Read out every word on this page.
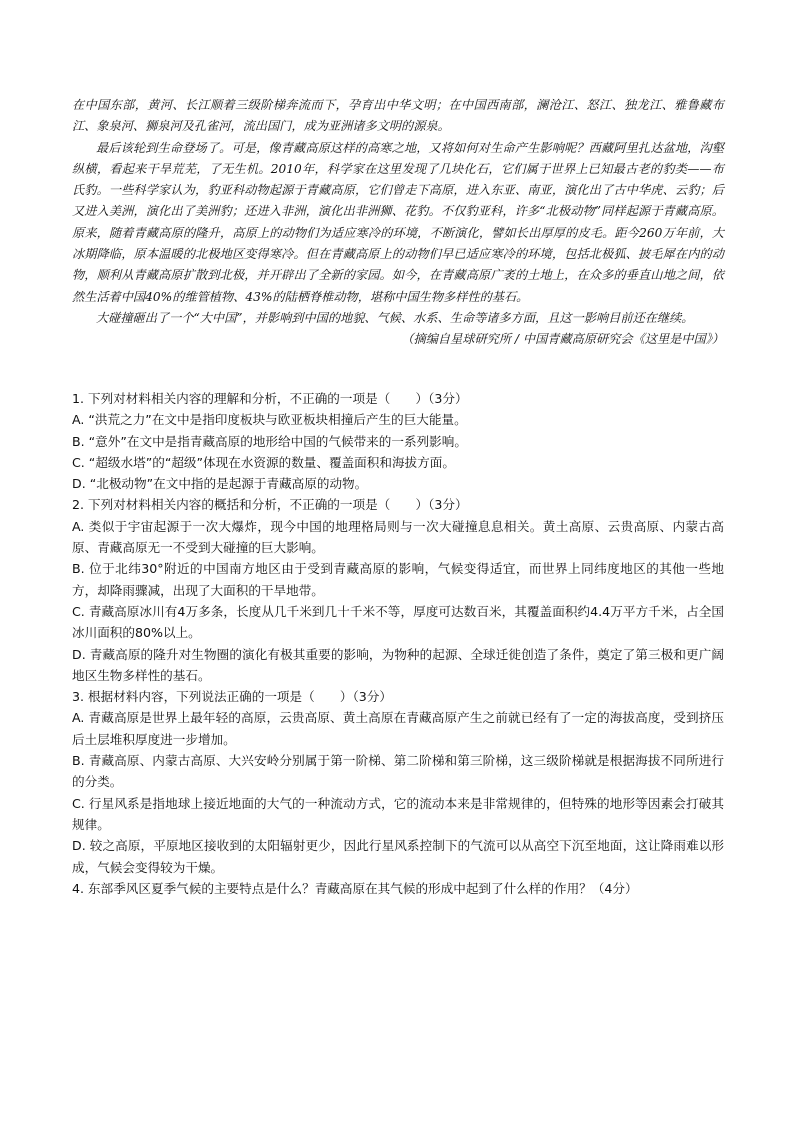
在中国东部，黄河、长江顺着三级阶梯奔流而下，孕育出中华文明；在中国西南部，澜沧江、怒江、独龙江、雅鲁藏布江、象泉河、狮泉河及孔雀河，流出国门，成为亚洲诸多文明的源泉。

最后该轮到生命登场了。可是，像青藏高原这样的高寒之地，又将如何对生命产生影响呢？西藏阿里扎达盆地，沟壑纵横，看起来干旱荒芜，了无生机。2010年，科学家在这里发现了几块化石，它们属于世界上已知最古老的豹类——布氏豹。一些科学家认为，豹亚科动物起源于青藏高原，它们曾走下高原，进入东亚、南亚，演化出了古中华虎、云豹；后又进入美洲，演化出了美洲豹；还进入非洲，演化出非洲狮、花豹。不仅豹亚科，许多“北极动物”同样起源于青藏高原。原来，随着青藏高原的隆升，高原上的动物们为适应寒冷的环境，不断演化，譬如长出厚厚的皮毛。距今260万年前，大冰期降临，原本温暖的北极地区变得寒冷。但在青藏高原上的动物们早已适应寒冷的环境，包括北极狐、披毛犀在内的动物，顺利从青藏高原扩散到北极，并开辟出了全新的家园。如今，在青藏高原广袤的土地上，在众多的垂直山地之间，依然生活着中国40%的维管植物、43%的陆栖脊椎动物，堪称中国生物多样性的基石。

大碰撞砸出了一个“大中国”，并影响到中国的地貌、气候、水系、生命等诸多方面，且这一影响目前还在继续。

（摘编自星球研究所 / 中国青藏高原研究会《这里是中国》）

1. 下列对材料相关内容的理解和分析，不正确的一项是（　　）（3分）

A. “洪荒之力”在文中是指印度板块与欧亚板块相撞后产生的巨大能量。

B. “意外”在文中是指青藏高原的地形给中国的气候带来的一系列影响。

C. “超级水塔”的“超级”体现在水资源的数量、覆盖面积和海拔方面。

D. “北极动物”在文中指的是起源于青藏高原的动物。

2. 下列对材料相关内容的概括和分析，不正确的一项是（　　）（3分）

A. 类似于宇宙起源于一次大爆炸，现今中国的地理格局则与一次大碰撞息息相关。黄土高原、云贵高原、内蒙古高原、青藏高原无一不受到大碰撞的巨大影响。

B. 位于北纬30°附近的中国南方地区由于受到青藏高原的影响，气候变得适宜，而世界上同纬度地区的其他一些地方，却降雨骤减，出现了大面积的干旱地带。

C. 青藏高原冰川有4万多条，长度从几千米到几十千米不等，厚度可达数百米，其覆盖面积约4.4万平方千米，占全国冰川面积的80%以上。

D. 青藏高原的隆升对生物圈的演化有极其重要的影响，为物种的起源、全球迁徙创造了条件，奠定了第三极和更广阔地区生物多样性的基石。

3. 根据材料内容，下列说法正确的一项是（　　）（3分）

A. 青藏高原是世界上最年轻的高原，云贵高原、黄土高原在青藏高原产生之前就已经有了一定的海拔高度，受到挤压后土层堆积厚度进一步增加。

B. 青藏高原、内蒙古高原、大兴安岭分别属于第一阶梯、第二阶梯和第三阶梯，这三级阶梯就是根据海拔不同所进行的分类。

C. 行星风系是指地球上接近地面的大气的一种流动方式，它的流动本来是非常规律的，但特殊的地形等因素会打破其规律。

D. 较之高原，平原地区接收到的太阳辐射更少，因此行星风系控制下的气流可以从高空下沉至地面，这让降雨难以形成，气候会变得较为干燥。

4. 东部季风区夏季气候的主要特点是什么？青藏高原在其气候的形成中起到了什么样的作用？（4分）
